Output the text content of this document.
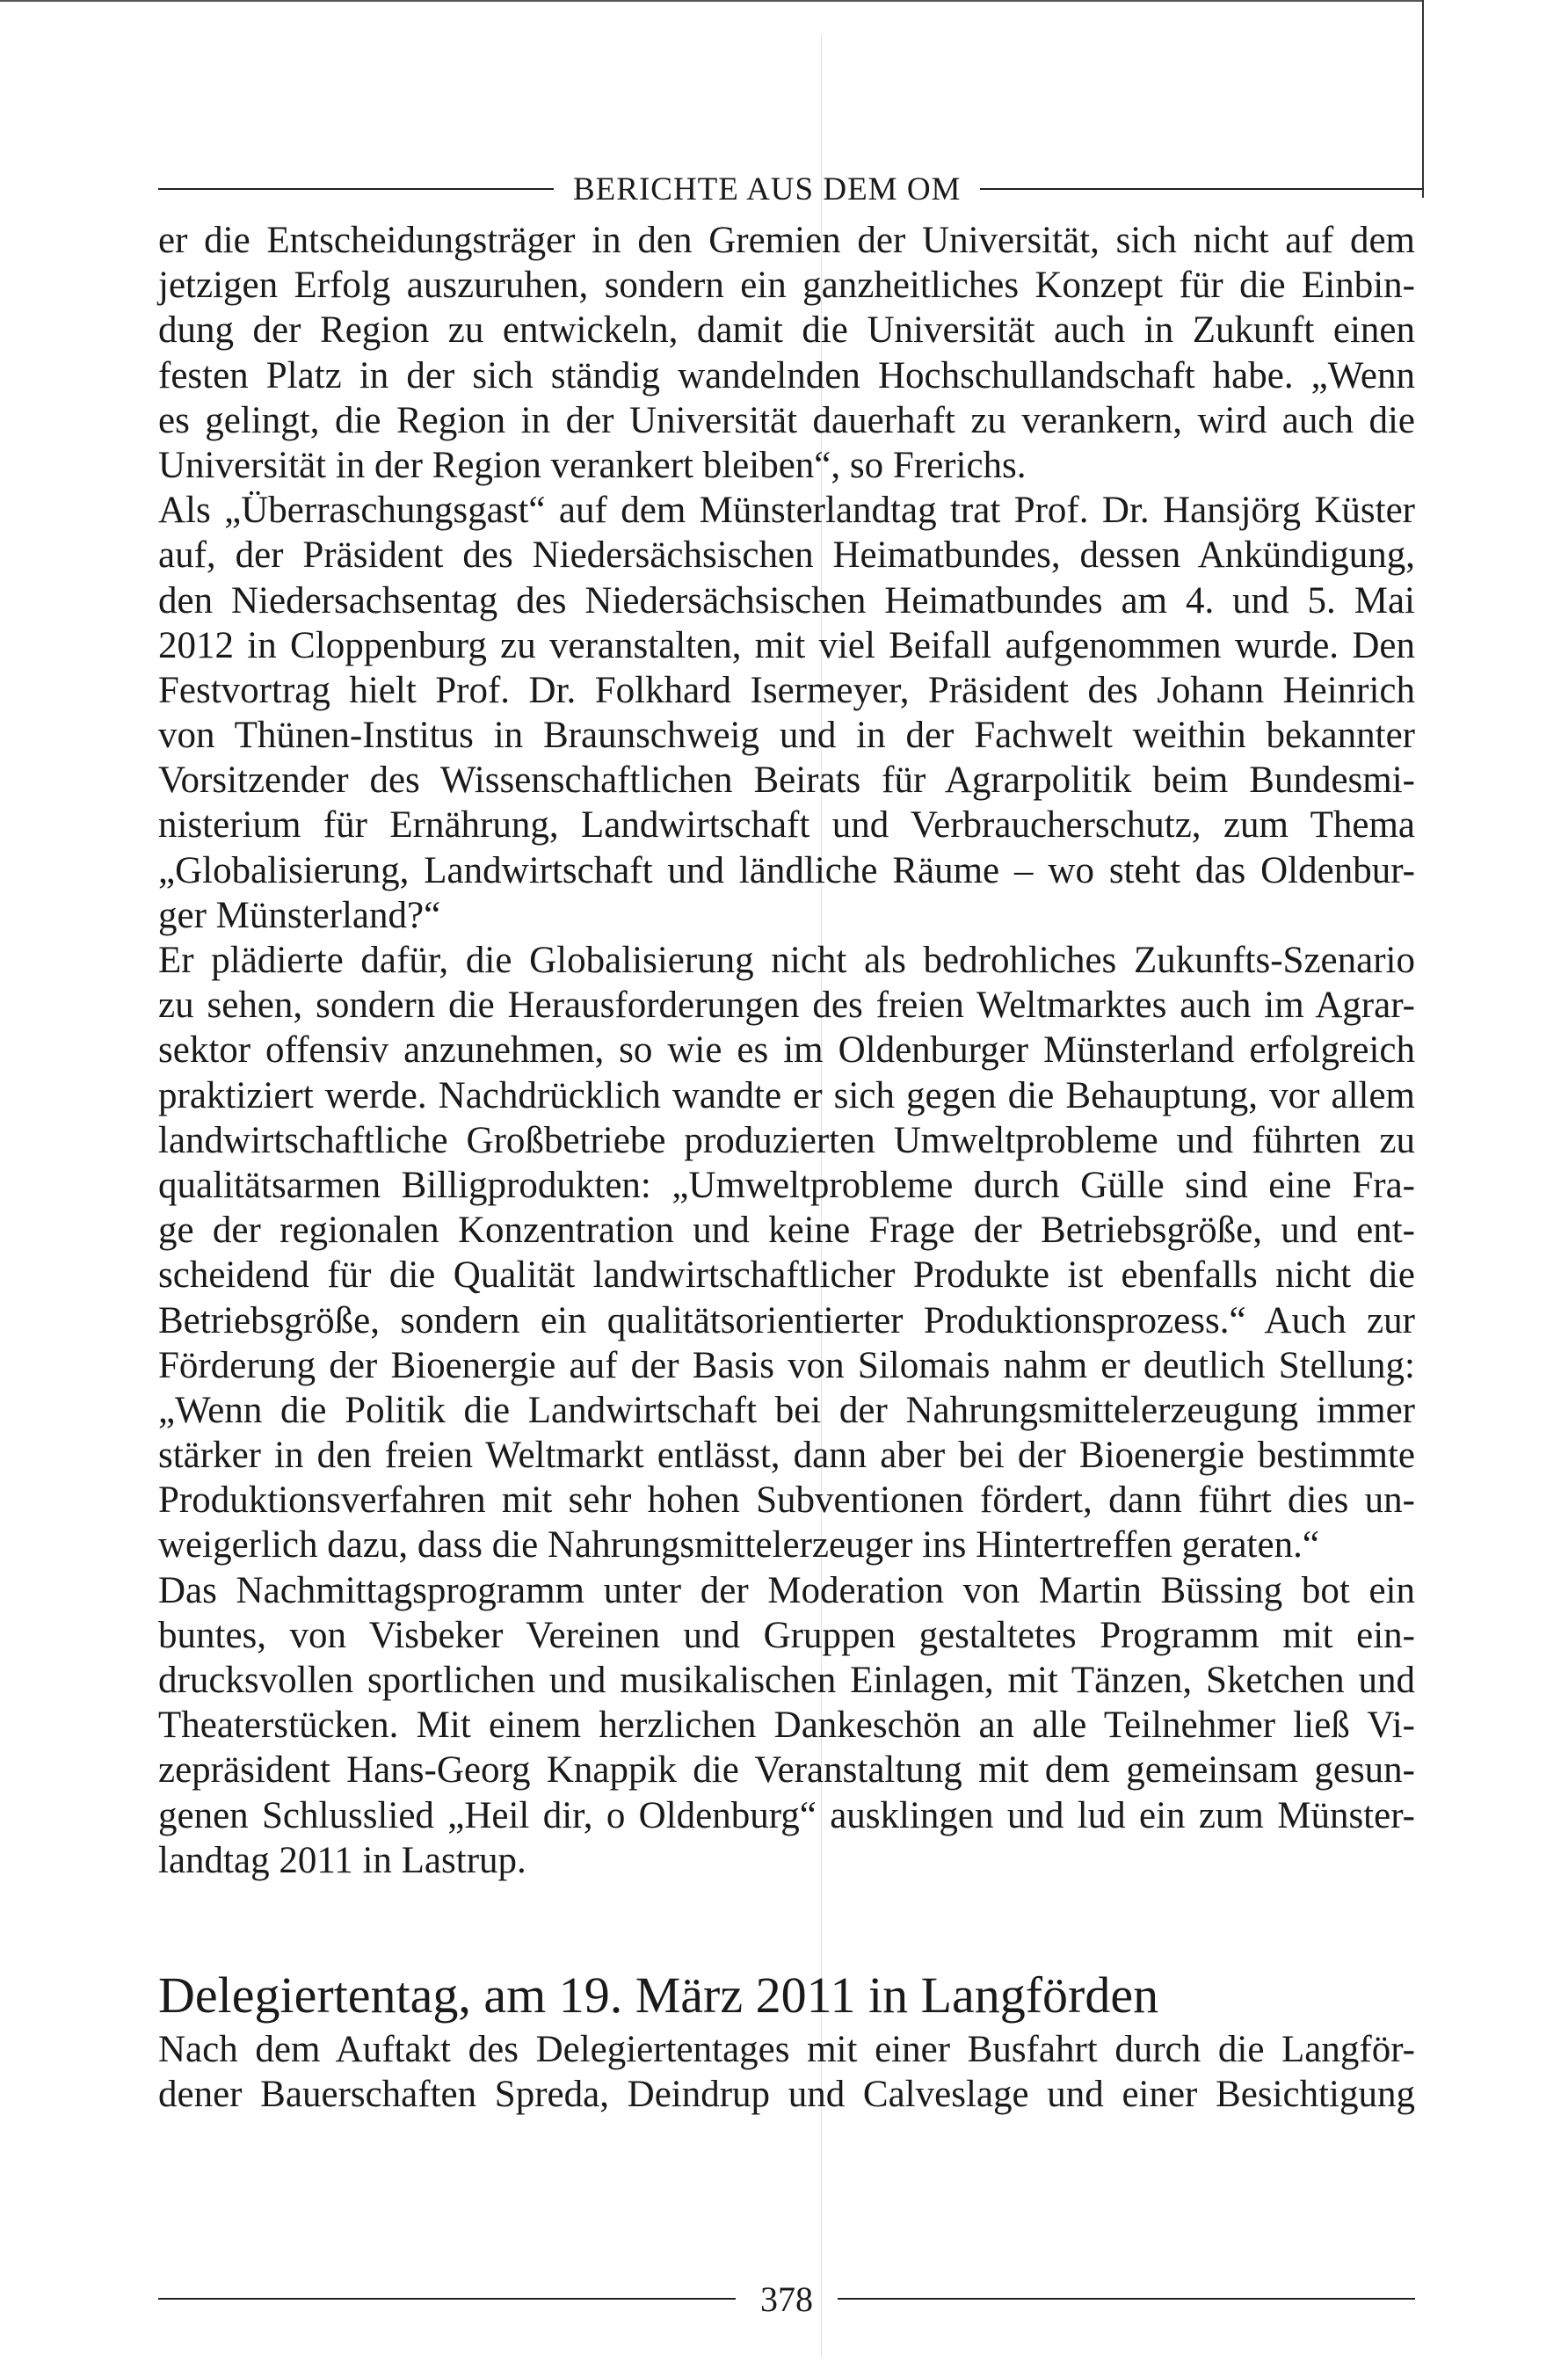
BERICHTE AUS DEM OM
er die Entscheidungsträger in den Gremien der Universität, sich nicht auf dem
jetzigen Erfolg auszuruhen, sondern ein ganzheitliches Konzept für die Einbin-
dung der Region zu entwickeln, damit die Universität auch in Zukunft einen
festen Platz in der sich ständig wandelnden Hochschullandschaft habe. „Wenn
es gelingt, die Region in der Universität dauerhaft zu verankern, wird auch die
Universität in der Region verankert bleiben“, so Frerichs.
Als „Überraschungsgast“ auf dem Münsterlandtag trat Prof. Dr. Hansjörg Küster
auf, der Präsident des Niedersächsischen Heimatbundes, dessen Ankündigung,
den Niedersachsentag des Niedersächsischen Heimatbundes am 4. und 5. Mai
2012 in Cloppenburg zu veranstalten, mit viel Beifall aufgenommen wurde. Den
Festvortrag hielt Prof. Dr. Folkhard Isermeyer, Präsident des Johann Heinrich
von Thünen-Institus in Braunschweig und in der Fachwelt weithin bekannter
Vorsitzender des Wissenschaftlichen Beirats für Agrarpolitik beim Bundesmi-
nisterium für Ernährung, Landwirtschaft und Verbraucherschutz, zum Thema
„Globalisierung, Landwirtschaft und ländliche Räume – wo steht das Oldenbur-
ger Münsterland?“
Er plädierte dafür, die Globalisierung nicht als bedrohliches Zukunfts-Szenario
zu sehen, sondern die Herausforderungen des freien Weltmarktes auch im Agrar-
sektor offensiv anzunehmen, so wie es im Oldenburger Münsterland erfolgreich
praktiziert werde. Nachdrücklich wandte er sich gegen die Behauptung, vor allem
landwirtschaftliche Großbetriebe produzierten Umweltprobleme und führten zu
qualitätsarmen Billigprodukten: „Umweltprobleme durch Gülle sind eine Fra-
ge der regionalen Konzentration und keine Frage der Betriebsgröße, und ent-
scheidend für die Qualität landwirtschaftlicher Produkte ist ebenfalls nicht die
Betriebsgröße, sondern ein qualitätsorientierter Produktionsprozess.“ Auch zur
Förderung der Bioenergie auf der Basis von Silomais nahm er deutlich Stellung:
„Wenn die Politik die Landwirtschaft bei der Nahrungsmittelerzeugung immer
stärker in den freien Weltmarkt entlässt, dann aber bei der Bioenergie bestimmte
Produktionsverfahren mit sehr hohen Subventionen fördert, dann führt dies un-
weigerlich dazu, dass die Nahrungsmittelerzeuger ins Hintertreffen geraten.“
Das Nachmittagsprogramm unter der Moderation von Martin Büssing bot ein
buntes, von Visbeker Vereinen und Gruppen gestaltetes Programm mit ein-
drucksvollen sportlichen und musikalischen Einlagen, mit Tänzen, Sketchen und
Theaterstücken. Mit einem herzlichen Dankeschön an alle Teilnehmer ließ Vi-
zepräsident Hans-Georg Knappik die Veranstaltung mit dem gemeinsam gesun-
genen Schlusslied „Heil dir, o Oldenburg“ ausklingen und lud ein zum Münster-
landtag 2011 in Lastrup.
Delegiertentag, am 19. März 2011 in Langförden
Nach dem Auftakt des Delegiertentages mit einer Busfahrt durch die Langför-
dener Bauerschaften Spreda, Deindrup und Calveslage und einer Besichtigung
378
